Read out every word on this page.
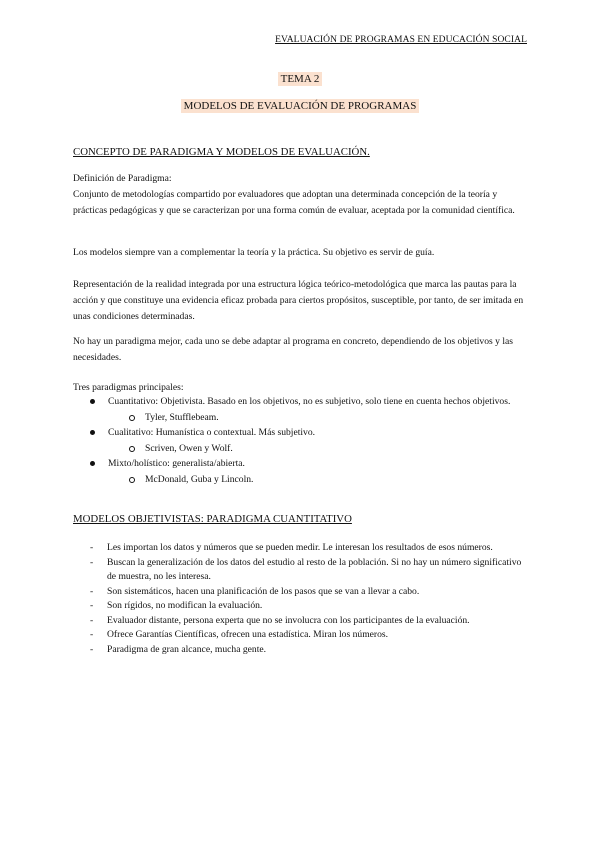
EVALUACIÓN DE PROGRAMAS EN EDUCACIÓN SOCIAL
TEMA 2
MODELOS DE EVALUACIÓN DE PROGRAMAS
CONCEPTO DE PARADIGMA Y MODELOS DE EVALUACIÓN.

Definición de Paradigma:

Conjunto de metodologías compartido por evaluadores que adoptan una determinada concepción de la teoría y prácticas pedagógicas y que se caracterizan por una forma común de evaluar, aceptada por la comunidad científica.

Los modelos siempre van a complementar la teoría y la práctica. Su objetivo es servir de guía.
Representación de la realidad integrada por una estructura lógica teórico-metodológica que marca las pautas para la acción y que constituye una evidencia eficaz probada para ciertos propósitos, susceptible, por tanto, de ser imitada en unas condiciones determinadas.
No hay un paradigma mejor, cada uno se debe adaptar al programa en concreto, dependiendo de los objetivos y las necesidades.
Tres paradigmas principales:
Cuantitativo: Objetivista. Basado en los objetivos, no es subjetivo, solo tiene en cuenta hechos objetivos.
Tyler, Stufflebeam.
Cualitativo: Humanística o contextual. Más subjetivo.
Scriven, Owen y Wolf.
Mixto/holístico: generalista/abierta.
McDonald, Guba y Lincoln.
MODELOS OBJETIVISTAS: PARADIGMA CUANTITATIVO
- Les importan los datos y números que se pueden medir. Le interesan los resultados de esos números.
- Buscan la generalización de los datos del estudio al resto de la población. Si no hay un número significativo de muestra, no les interesa.
- Son sistemáticos, hacen una planificación de los pasos que se van a llevar a cabo.
- Son rígidos, no modifican la evaluación.
- Evaluador distante, persona experta que no se involucra con los participantes de la evaluación.
- Ofrece Garantías Científicas, ofrecen una estadística. Miran los números.
- Paradigma de gran alcance, mucha gente.
